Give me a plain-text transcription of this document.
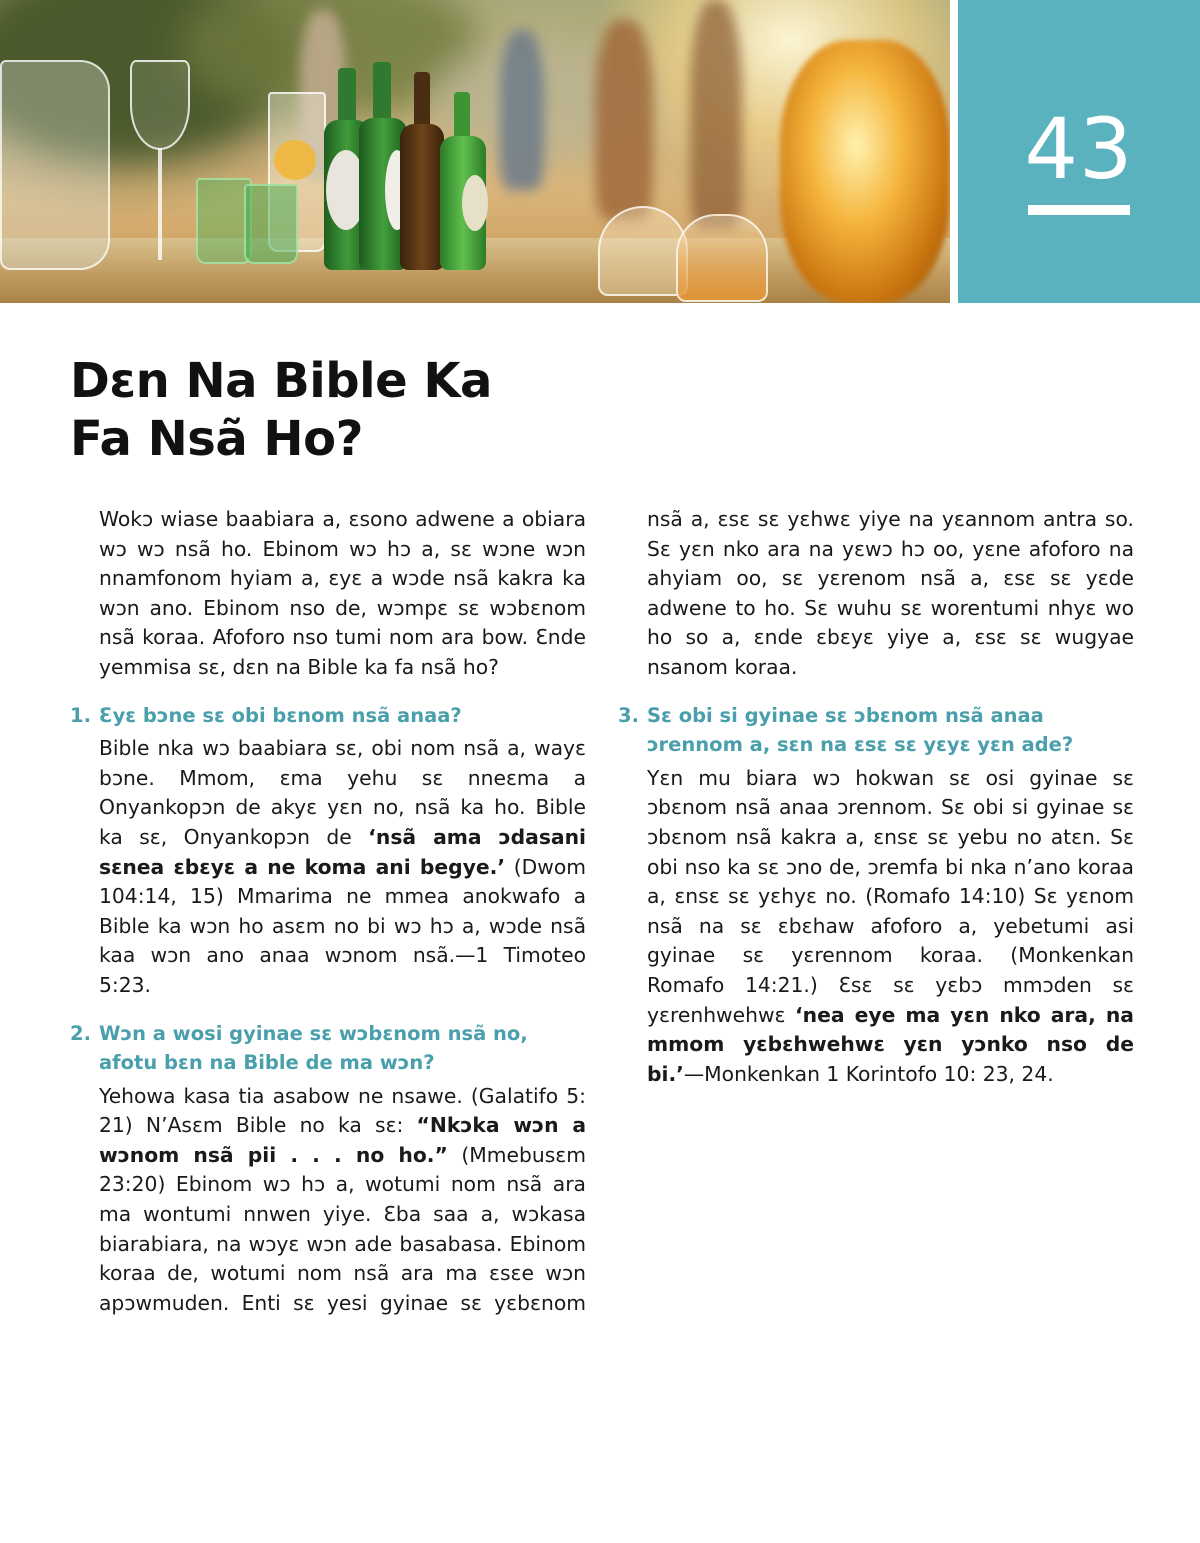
43
Dɛn Na Bible Ka
Fa Nsã Ho?

Wokɔ wiase baabiara a, ɛsono adwene a obiara wɔ wɔ nsã ho. Ebinom wɔ hɔ a, sɛ wɔne wɔn nnamfonom hyiam a, ɛyɛ a wɔde nsã kakra ka wɔn ano. Ebinom nso de, wɔmpɛ sɛ wɔbɛnom nsã koraa. Afoforo nso tumi nom ara bow. Ɛnde yemmisa sɛ, dɛn na Bible ka fa nsã ho?

1. Ɛyɛ bɔne sɛ obi bɛnom nsã anaa?

Bible nka wɔ baabiara sɛ, obi nom nsã a, wayɛ bɔne. Mmom, ɛma yehu sɛ nneɛma a Onyankopɔn de akyɛ yɛn no, nsã ka ho. Bible ka sɛ, Onyankopɔn de ‘nsã ama ɔdasani sɛnea ɛbɛyɛ a ne koma ani begye.’ (Dwom 104:14, 15) Mmarima ne mmea anokwafo a Bible ka wɔn ho asɛm no bi wɔ hɔ a, wɔde nsã kaa wɔn ano anaa wɔnom nsã.—1 Timoteo 5:23.

2. Wɔn a wosi gyinae sɛ wɔbɛnom nsã no, afotu bɛn na Bible de ma wɔn?

Yehowa kasa tia asabow ne nsawe. (Galatifo 5: 21) N’Asɛm Bible no ka sɛ: “Nkɔka wɔn a wɔnom nsã pii . . . no ho.” (Mmebusɛm 23:20) Ebinom wɔ hɔ a, wotumi nom nsã ara ma wontumi nnwen yiye. Ɛba saa a, wɔkasa biarabiara, na wɔyɛ wɔn ade basabasa. Ebinom koraa de, wotumi nom nsã ara ma ɛsɛe wɔn apɔwmuden. Enti sɛ yesi gyinae sɛ yɛbɛnom

nsã a, ɛsɛ sɛ yɛhwɛ yiye na yɛannom antra so. Sɛ yɛn nko ara na yɛwɔ hɔ oo, yɛne afoforo na ahyiam oo, sɛ yɛrenom nsã a, ɛsɛ sɛ yɛde adwene to ho. Sɛ wuhu sɛ worentumi nhyɛ wo ho so a, ɛnde ɛbɛyɛ yiye a, ɛsɛ sɛ wugyae nsanom koraa.

3. Sɛ obi si gyinae sɛ ɔbɛnom nsã anaa ɔrennom a, sɛn na ɛsɛ sɛ yɛyɛ yɛn ade?

Yɛn mu biara wɔ hokwan sɛ osi gyinae sɛ ɔbɛnom nsã anaa ɔrennom. Sɛ obi si gyinae sɛ ɔbɛnom nsã kakra a, ɛnsɛ sɛ yebu no atɛn. Sɛ obi nso ka sɛ ɔno de, ɔremfa bi nka n’ano koraa a, ɛnsɛ sɛ yɛhyɛ no. (Romafo 14:10) Sɛ yɛnom nsã na sɛ ɛbɛhaw afoforo a, yebetumi asi gyinae sɛ yɛrennom koraa. (Monkenkan Romafo 14:21.) Ɛsɛ sɛ yɛbɔ mmɔden sɛ yɛrenhwehwɛ ‘nea eye ma yɛn nko ara, na mmom yɛbɛhwehwɛ yɛn yɔnko nso de bi.’—Monkenkan 1 Korintofo 10: 23, 24.
